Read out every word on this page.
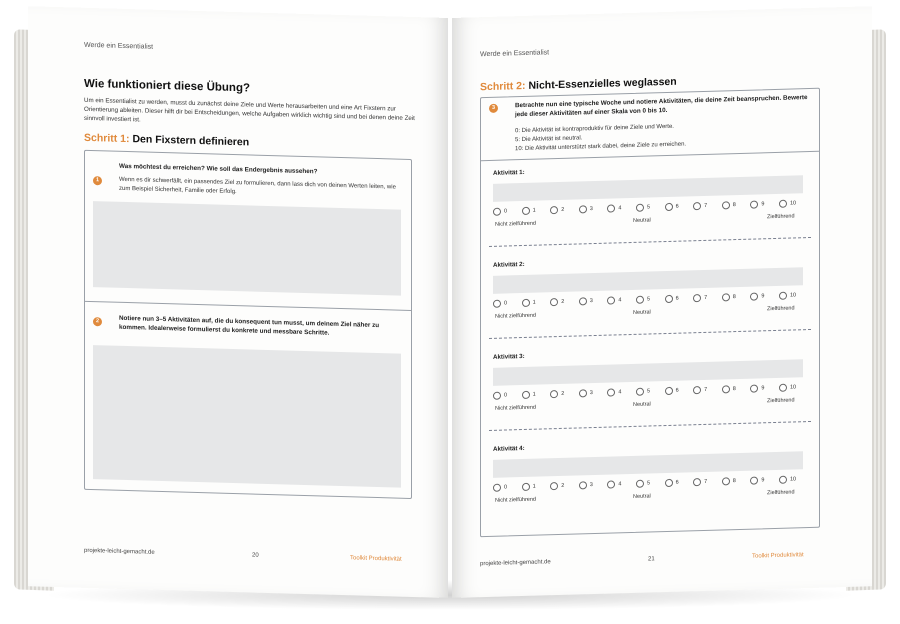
Werde ein Essentialist
Wie funktioniert diese Übung?
Um ein Essentialist zu werden, musst du zunächst deine Ziele und Werte herausarbeiten und eine Art Fixstern zur Orientierung ableiten. Dieser hilft dir bei Entscheidungen, welche Aufgaben wirklich wichtig sind und bei denen deine Zeit sinnvoll investiert ist.
Schritt 1: Den Fixstern definieren
1
Was möchtest du erreichen? Wie soll das Endergebnis aussehen?
Wenn es dir schwerfällt, ein passendes Ziel zu formulieren, dann lass dich von deinen Werten leiten, wie zum Beispiel Sicherheit, Familie oder Erfolg.
2	Notiere nun 3–5 Aktivitäten auf, die du konsequent tun musst, um deinem Ziel näher zu kommen. Idealerweise formulierst du konkrete und messbare Schritte.
projekte-leicht-gemacht.de	20	Toolkit Produktivität
Werde ein Essentialist
Schritt 2: Nicht-Essenzielles weglassen
3	Betrachte nun eine typische Woche und notiere Aktivitäten, die deine Zeit beanspruchen. Bewerte jede dieser Aktivitäten auf einer Skala von 0 bis 10.
0: Die Aktivität ist kontraproduktiv für deine Ziele und Werte.
5: Die Aktivität ist neutral.
10: Die Aktivität unterstützt stark dabei, deine Ziele zu erreichen.
Aktivität 1:
0	1	2	3	4	5	6	7	8	9	10
Nicht zielführend	Neutral
Zielführend
Aktivität 2:
0	1	2	3	4	5	6	7	8	9	10
Nicht zielführend	Neutral
Zielführend
Aktivität 3:
0	1	2	3	4	5	6	7	8	9	10
Nicht zielführend	Neutral
Zielführend
Aktivität 4:
0	1	2	3	4	5	6	7	8	9	10
Nicht zielführend	Neutral
Zielführend
projekte-leicht-gemacht.de	21	Toolkit Produktivität
